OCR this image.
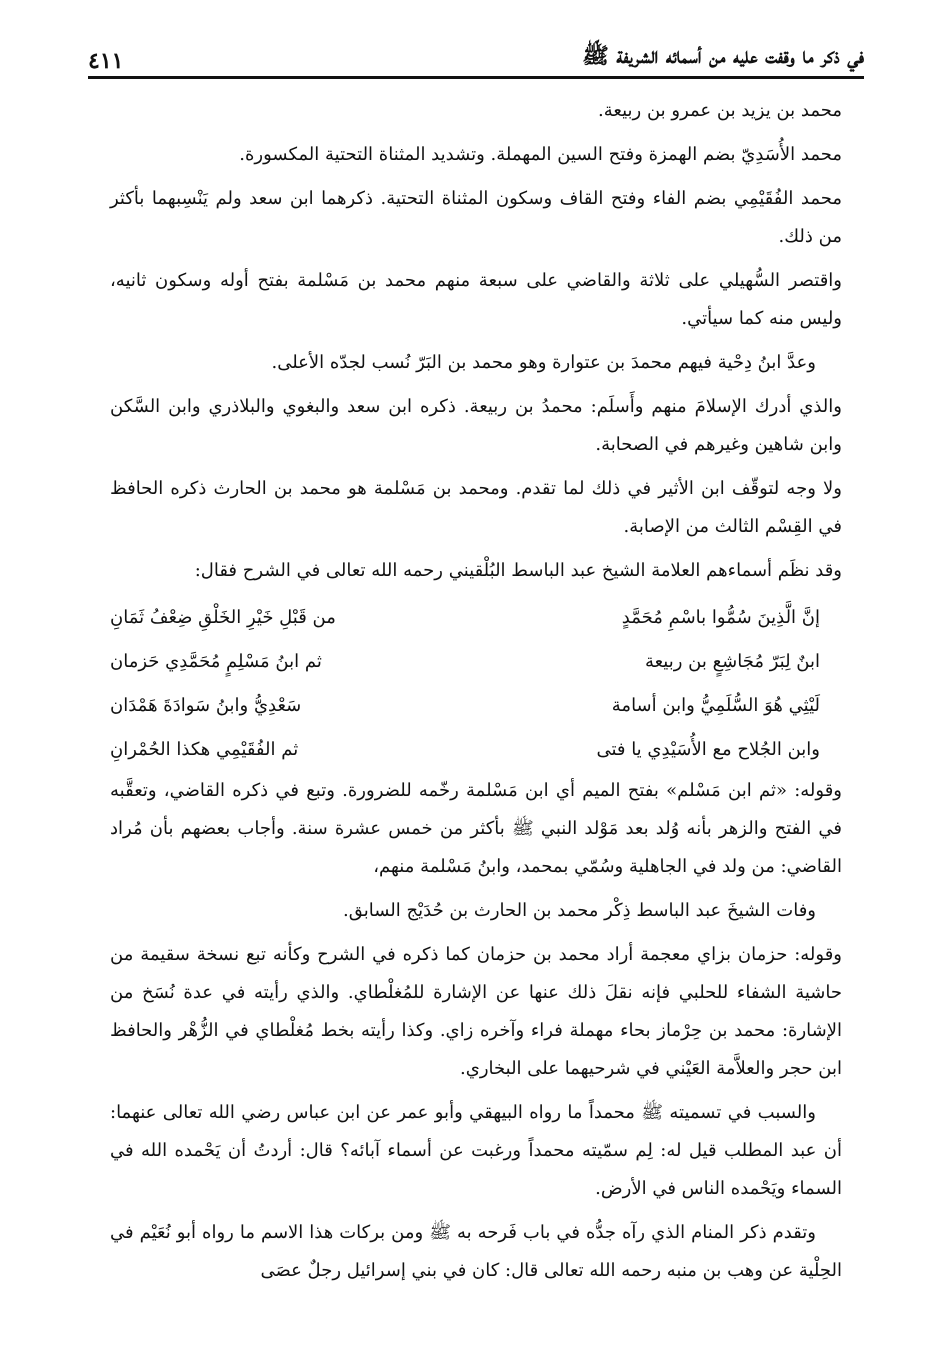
في ذكر ما وقفت عليه من أسمائه الشريفة ﷺ
٤١١

محمد بن يزيد بن عمرو بن ربيعة.

محمد الأُسَدِيّ بضم الهمزة وفتح السين المهملة. وتشديد المثناة التحتية المكسورة.

محمد الفُقَيْمِي بضم الفاء وفتح القاف وسكون المثناة التحتية. ذكرهما ابن سعد ولم يَنْسِبهما بأكثر من ذلك.

واقتصر السُّهيلي على ثلاثة والقاضي على سبعة منهم محمد بن مَسْلمة بفتح أوله وسكون ثانيه، وليس منه كما سيأتي.

وعدَّ ابنُ دِحْية فيهم محمدَ بن عتوارة وهو محمد بن البَرّ نُسب لجدّه الأعلى.

والذي أدرك الإسلامَ منهم وأَسلَم: محمدُ بن ربيعة. ذكره ابن سعد والبغوي والبلاذري وابن السَّكن وابن شاهين وغيرهم في الصحابة.

ولا وجه لتوقّف ابن الأثير في ذلك لما تقدم. ومحمد بن مَسْلمة هو محمد بن الحارث ذكره الحافظ في القِسْم الثالث من الإصابة.

وقد نظَم أسماءهم العلامة الشيخ عبد الباسط البُلْقيني رحمه الله تعالى في الشرح فقال:

إنَّ الَّذِينَ سُمُّوا باسْمِ مُحَمَّدٍ
من قَبْلِ خَيْرِ الخَلْقِ ضِعْفُ ثَمَانِ
ابنٌ لِبَرّ مُجَاشِعٍ بن ربيعة
ثم ابنُ مَسْلِمٍ مُحَمَّدِي حَزمان
لَيْثِي هُوَ السُّلَمِيُّ وابن أسامة
سَعْدِيُّ وابنُ سَوادَةَ هَمْدَان
وابن الجُلاح مع الأُسَيْدِي يا فتى
ثم الفُقَيْمِي هكذا الحُمْرانِ

وقوله: «ثم ابن مَسْلم» بفتح الميم أي ابن مَسْلمة رخّمه للضرورة. وتبع في ذكره القاضي، وتعقَّبه في الفتح والزهر بأنه وُلد بعد مَوْلد النبي ﷺ بأكثر من خمس عشرة سنة. وأجاب بعضهم بأن مُراد القاضي: من ولد في الجاهلية وسُمّي بمحمد، وابنُ مَسْلمة منهم،

وفات الشيخَ عبد الباسط ذِكْر محمد بن الحارث بن حُدَيْج السابق.

وقوله: حزمان بزاي معجمة أراد محمد بن حزمان كما ذكره في الشرح وكأنه تبع نسخة سقيمة من حاشية الشفاء للحلبي فإنه نقلَ ذلك عنها عن الإشارة للمُغلْطاي. والذي رأيته في عدة نُسَخ من الإشارة: محمد بن حِرْماز بحاء مهملة فراء وآخره زاي. وكذا رأيته بخط مُغلْطاي في الزُّهْر والحافظ ابن حجر والعلاَّمة العَيْني في شرحيهما على البخاري.

والسبب في تسميته ﷺ محمداً ما رواه البيهقي وأبو عمر عن ابن عباس رضي الله تعالى عنهما: أن عبد المطلب قيل له: لِم سمّيته محمداً ورغبت عن أسماء آبائه؟ قال: أردتُ أن يَحْمده الله في السماء ويَحْمده الناس في الأرض.

وتقدم ذكر المنام الذي رآه جدُّه في باب فَرحه به ﷺ ومن بركات هذا الاسم ما رواه أبو نُعَيْم في الحِلْية عن وهب بن منبه رحمه الله تعالى قال: كان في بني إسرائيل رجلٌ عصَى
